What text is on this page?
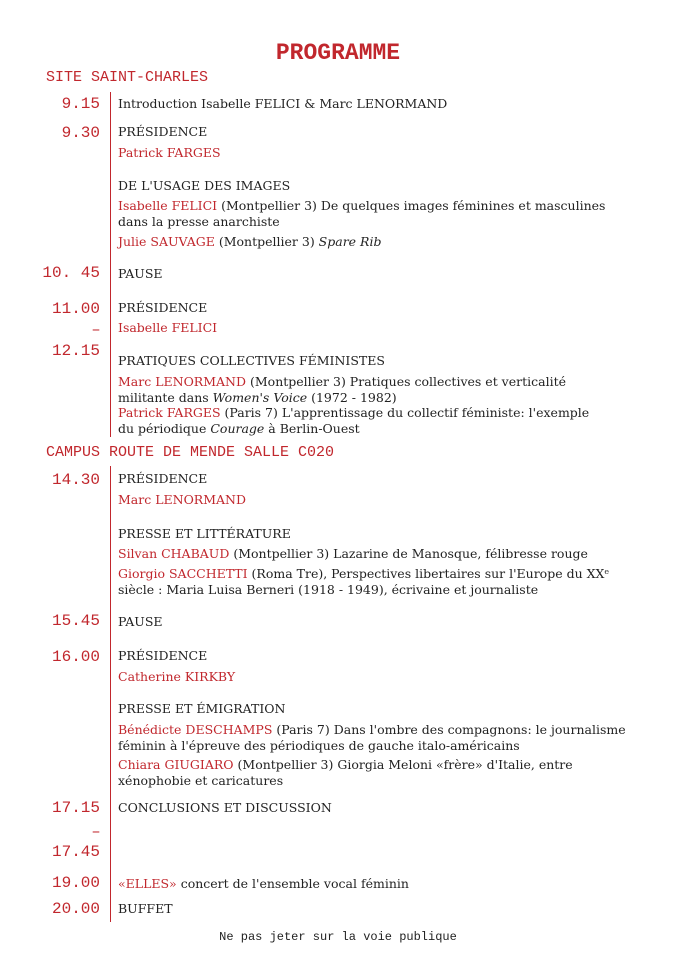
PROGRAMME
SITE SAINT-CHARLES
9.15 Introduction Isabelle FELICI & Marc LENORMAND
9.30 PRÉSIDENCE
Patrick FARGES
DE L'USAGE DES IMAGES
Isabelle FELICI (Montpellier 3) De quelques images féminines et masculines
dans la presse anarchiste
Julie SAUVAGE (Montpellier 3) Spare Rib
10. 45 PAUSE
11.00 PRÉSIDENCE
– Isabelle FELICI
12.15
PRATIQUES COLLECTIVES FÉMINISTES
Marc LENORMAND (Montpellier 3) Pratiques collectives et verticalité
militante dans Women's Voice (1972 - 1982)
Patrick FARGES (Paris 7) L'apprentissage du collectif féministe: l'exemple
du périodique Courage à Berlin-Ouest
CAMPUS ROUTE DE MENDE SALLE C020
14.30 PRÉSIDENCE
Marc LENORMAND
PRESSE ET LITTÉRATURE
Silvan CHABAUD (Montpellier 3) Lazarine de Manosque, félibresse rouge
Giorgio SACCHETTI (Roma Tre), Perspectives libertaires sur l'Europe du XXᵉ
siècle : Maria Luisa Berneri (1918 - 1949), écrivaine et journaliste
15.45 PAUSE
16.00 PRÉSIDENCE
Catherine KIRKBY
PRESSE ET ÉMIGRATION
Bénédicte DESCHAMPS (Paris 7) Dans l'ombre des compagnons: le journalisme
féminin à l'épreuve des périodiques de gauche italo-américains
Chiara GIUGIARO (Montpellier 3) Giorgia Meloni «frère» d'Italie, entre
xénophobie et caricatures
17.15 CONCLUSIONS ET DISCUSSION
–
17.45
19.00 «ELLES» concert de l'ensemble vocal féminin
20.00 BUFFET
Ne pas jeter sur la voie publique
